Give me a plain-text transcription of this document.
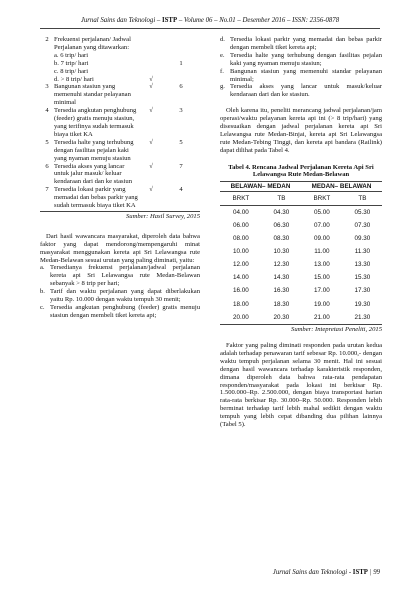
Jurnal Sains dan Teknologi – ISTP – Volume 06 – No.01 – Desember 2016 – ISSN: 2356-0878
2	Frekuensi perjalanan/ Jadwal Perjalanan yang ditawarkan:		
	a. 6 trip/ hari		
	b. 7 trip/ hari		1
	c. 8 trip/ hari		
	d. > 8 trip/ hari	√	
3	Bangunan stasiun yang memenuhi standar pelayanan minimal	√	6
4	Tersedia angkutan penghubung (feeder) gratis menuju stasiun, yang terifinya sudah termasuk biaya tiket KA	√	3
5	Tersedia halte yang terhubung dengan fasilitas pejalan kaki yang nyaman menuju stasiun	√	5
6	Tersedia akses yang lancar untuk jalur masuk/ keluar kendaraan dari dan ke stasiun	√	7
7	Tersedia lokasi parkir yang memadai dan bebas parkir yang sudah termasuk biaya tiket KA	√	4
Sumber: Hasil Survey, 2015
Dari hasil wawancara masyarakat, diperoleh data bahwa faktor yang dapat mendorong/mempengaruhi minat masyarakat menggunakan kereta api Sri Lelawangsa rute Medan-Belawan sesuai urutan yang paling diminati, yaitu:
a. Tersedianya frekuensi perjalanan/jadwal perjalanan kereta api Sri Lelawangsa rute Medan-Belawan sebanyak > 8 trip per hari;
b. Tarif dan waktu perjalanan yang dapat diberlakukan yaitu Rp. 10.000 dengan waktu tempuh 30 menit;
c. Tersedia angkutan penghubung (feeder) gratis menuju stasiun dengan membeli tiket kereta api;
d. Tersedia lokasi parkir yang memadai dan bebas parkir dengan membeli tiket kereta api;
e. Tersedia halte yang terhubung dengan fasilitas pejalan kaki yang nyaman menuju stasiun;
f. Bangunan stasiun yang memenuhi standar pelayanan minimal;
g. Tersedia akses yang lancar untuk masuk/keluar kendaraan dari dan ke stasiun.
Oleh karena itu, peneliti merancang jadwal perjalanan/jam operasi/waktu pelayanan kereta api ini (> 8 trip/hari) yang disesuaikan dengan jadwal perjalanan kereta api Sri Lelawangsa rute Medan-Binjai, kereta api Sri Lelawangsa rute Medan-Tebing Tinggi, dan kereta api bandara (Railink) dapat dilihat pada Tabel 4.
Tabel 4. Rencana Jadwal Perjalanan Kereta Api Sri Lelawangsa Rute Medan-Belawan
BELAWAN– MEDAN		MEDAN– BELAWAN	
BRKT	TB	BRKT	TB
04.00	04.30	05.00	05.30
06.00	06.30	07.00	07.30
08.00	08.30	09.00	09.30
10.00	10.30	11.00	11.30
12.00	12.30	13.00	13.30
14.00	14.30	15.00	15.30
16.00	16.30	17.00	17.30
18.00	18.30	19.00	19.30
20.00	20.30	21.00	21.30
Sumber: Intepretasi Peneliti, 2015
Faktor yang paling diminati responden pada urutan kedua adalah terhadap penawaran tarif sebesar Rp. 10.000,- dengan waktu tempuh perjalanan selama 30 menit. Hal ini sesuai dengan hasil wawancara terhadap karakteristik responden, dimana diperoleh data bahwa rata-rata pendapatan responden/masyarakat pada lokasi ini berkisar Rp. 1.500.000–Rp. 2.500.000, dengan biaya transportasi harian rata-rata berkisar Rp. 30.000–Rp. 50.000. Responden lebih berminat terhadap tarif lebih mahal sedikit dengan waktu tempuh yang lebih cepat dibanding dua pilihan lainnya (Tabel 5).
Jurnal Sains dan Teknologi - ISTP | 99
